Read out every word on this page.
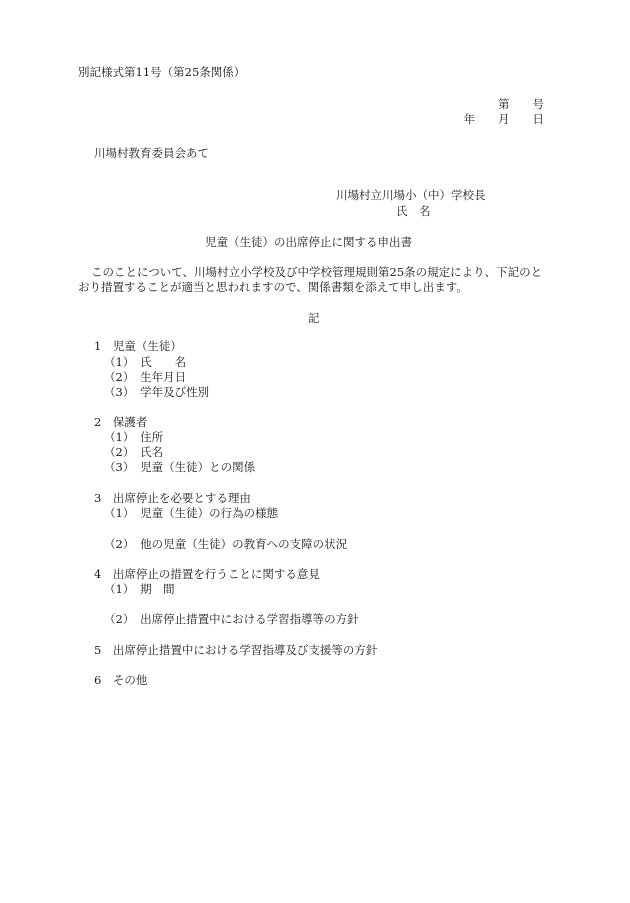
別記様式第11号（第25条関係）
第　　号
年　　月　　日
川場村教育委員会あて
川場村立川場小（中）学校長
氏　名
児童（生徒）の出席停止に関する申出書
このことについて、川場村立小学校及び中学校管理規則第25条の規定により、下記のと
おり措置することが適当と思われますので、関係書類を添えて申し出ます。
記
1　児童（生徒）
（1）　氏　　名
（2）　生年月日
（3）　学年及び性別
2　保護者
（1）　住所
（2）　氏名
（3）　児童（生徒）との関係
3　出席停止を必要とする理由
（1）　児童（生徒）の行為の様態
（2）　他の児童（生徒）の教育への支障の状況
4　出席停止の措置を行うことに関する意見
（1）　期　間
（2）　出席停止措置中における学習指導等の方針
5　出席停止措置中における学習指導及び支援等の方針
6　その他
